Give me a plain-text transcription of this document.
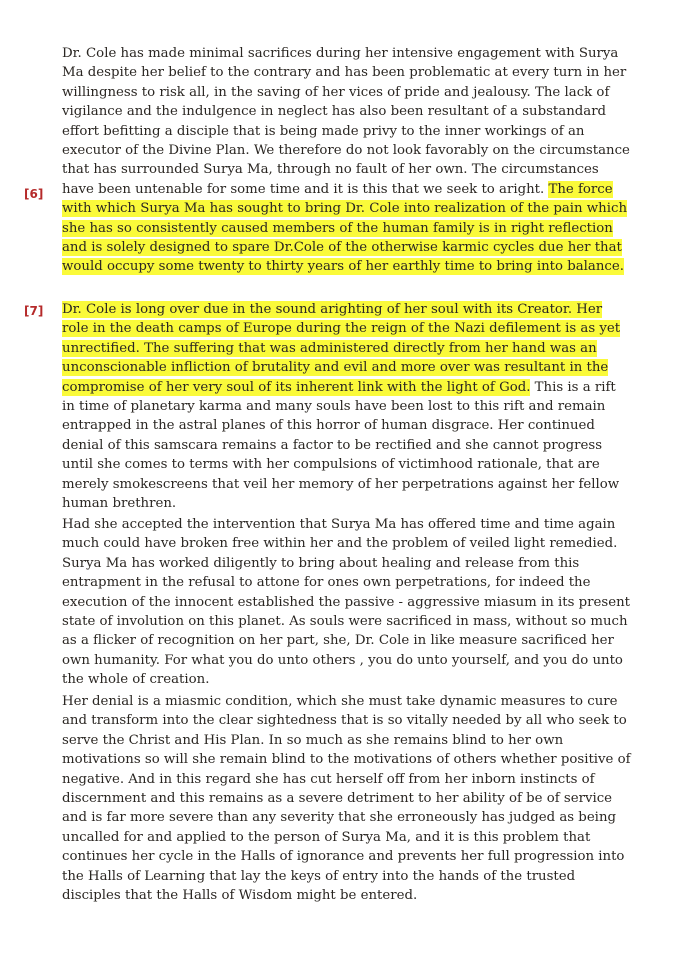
Dr. Cole has made minimal sacrifices during her intensive engagement with Surya Ma despite her belief to the contrary and has been problematic at every turn in her willingness to risk all, in the saving of her vices of pride and jealousy. The lack of vigilance and the indulgence in neglect has also been resultant of a substandard effort befitting a disciple that is being made privy to the inner workings of an executor of the Divine Plan. We therefore do not look favorably on the circumstance that has surrounded Surya Ma, through no fault of her own. The circumstances have been untenable for some time and it is this that we seek to aright. The force with which Surya Ma has sought to bring Dr. Cole into realization of the pain which she has so consistently caused members of the human family is in right reflection and is solely designed to spare Dr.Cole of the otherwise karmic cycles due her that would occupy some twenty to thirty years of her earthly time to bring into balance.

[6]

Dr. Cole is long over due in the sound arighting of her soul with its Creator. Her role in the death camps of Europe during the reign of the Nazi defilement is as yet unrectified. The suffering that was administered directly from her hand was an unconscionable infliction of brutality and evil and more over was resultant in the compromise of her very soul of its inherent link with the light of God. This is a rift in time of planetary karma and many souls have been lost to this rift and remain entrapped in the astral planes of this horror of human disgrace. Her continued denial of this samscara remains a factor to be rectified and she cannot progress until she comes to terms with her compulsions of victimhood rationale, that are merely smokescreens that veil her memory of her perpetrations against her fellow human brethren.

[7]

Had she accepted the intervention that Surya Ma has offered time and time again much could have broken free within her and the problem of veiled light remedied. Surya Ma has worked diligently to bring about healing and release from this entrapment in the refusal to attone for ones own perpetrations, for indeed the execution of the innocent established the passive - aggressive miasum in its present state of involution on this planet. As souls were sacrificed in mass, without so much as a flicker of recognition on her part, she, Dr. Cole in like measure sacrificed her own humanity. For what you do unto others , you do unto yourself, and you do unto the whole of creation.

Her denial is a miasmic condition, which she must take dynamic measures to cure and transform into the clear sightedness that is so vitally needed by all who seek to serve the Christ and His Plan. In so much as she remains blind to her own motivations so will she remain blind to the motivations of others whether positive of negative. And in this regard she has cut herself off from her inborn instincts of discernment and this remains as a severe detriment to her ability of be of service and is far more severe than any severity that she erroneously has judged as being uncalled for and applied to the person of Surya Ma, and it is this problem that continues her cycle in the Halls of ignorance and prevents her full progression into the Halls of Learning that lay the keys of entry into the hands of the trusted disciples that the Halls of Wisdom might be entered.
